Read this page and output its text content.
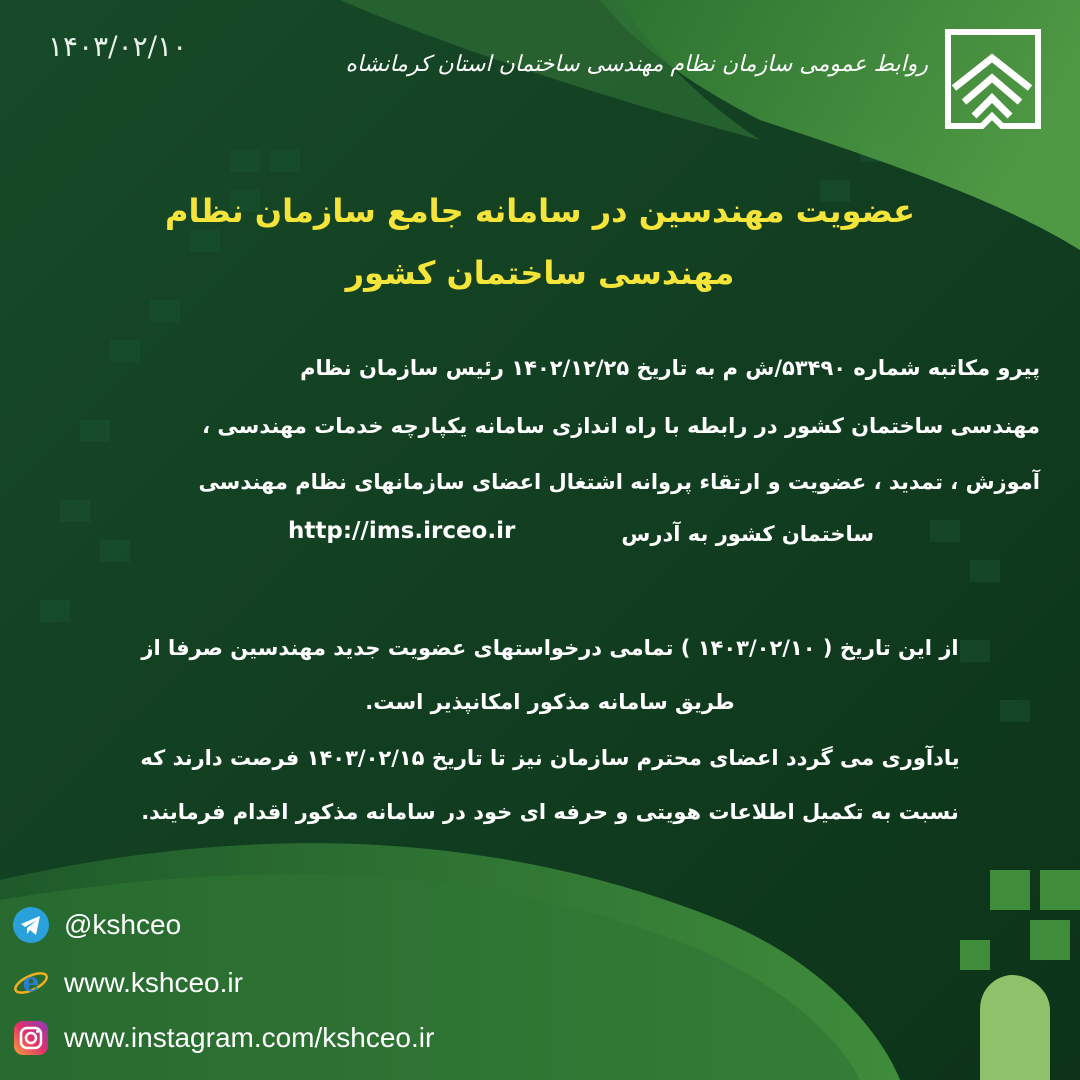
۱۴۰۳/۰۲/۱۰
روابط عمومی سازمان نظام مهندسی ساختمان استان کرمانشاه
عضویت مهندسین در سامانه جامع سازمان نظام
مهندسی ساختمان کشور
پیرو مکاتبه شماره ۵۳۴۹۰/ش م به تاریخ ۱۴۰۲/۱۲/۲۵ رئیس سازمان نظام
مهندسی ساختمان کشور در رابطه با راه اندازی سامانه یکپارچه خدمات مهندسی ،
آموزش ، تمدید ، عضویت و ارتقاء پروانه اشتغال اعضای سازمانهای نظام مهندسی
ساختمان کشور به آدرس
http://ims.irceo.ir
از این تاریخ ( ۱۴۰۳/۰۲/۱۰ ) تمامی درخواستهای عضویت جدید مهندسین صرفا از
طریق سامانه مذکور امکانپذیر است.
یادآوری می گردد اعضای محترم سازمان نیز تا تاریخ ۱۴۰۳/۰۲/۱۵ فرصت دارند که
نسبت به تکمیل اطلاعات هویتی و حرفه ای خود در سامانه مذکور اقدام فرمایند.
@kshceo
e www.kshceo.ir
www.instagram.com/kshceo.ir
